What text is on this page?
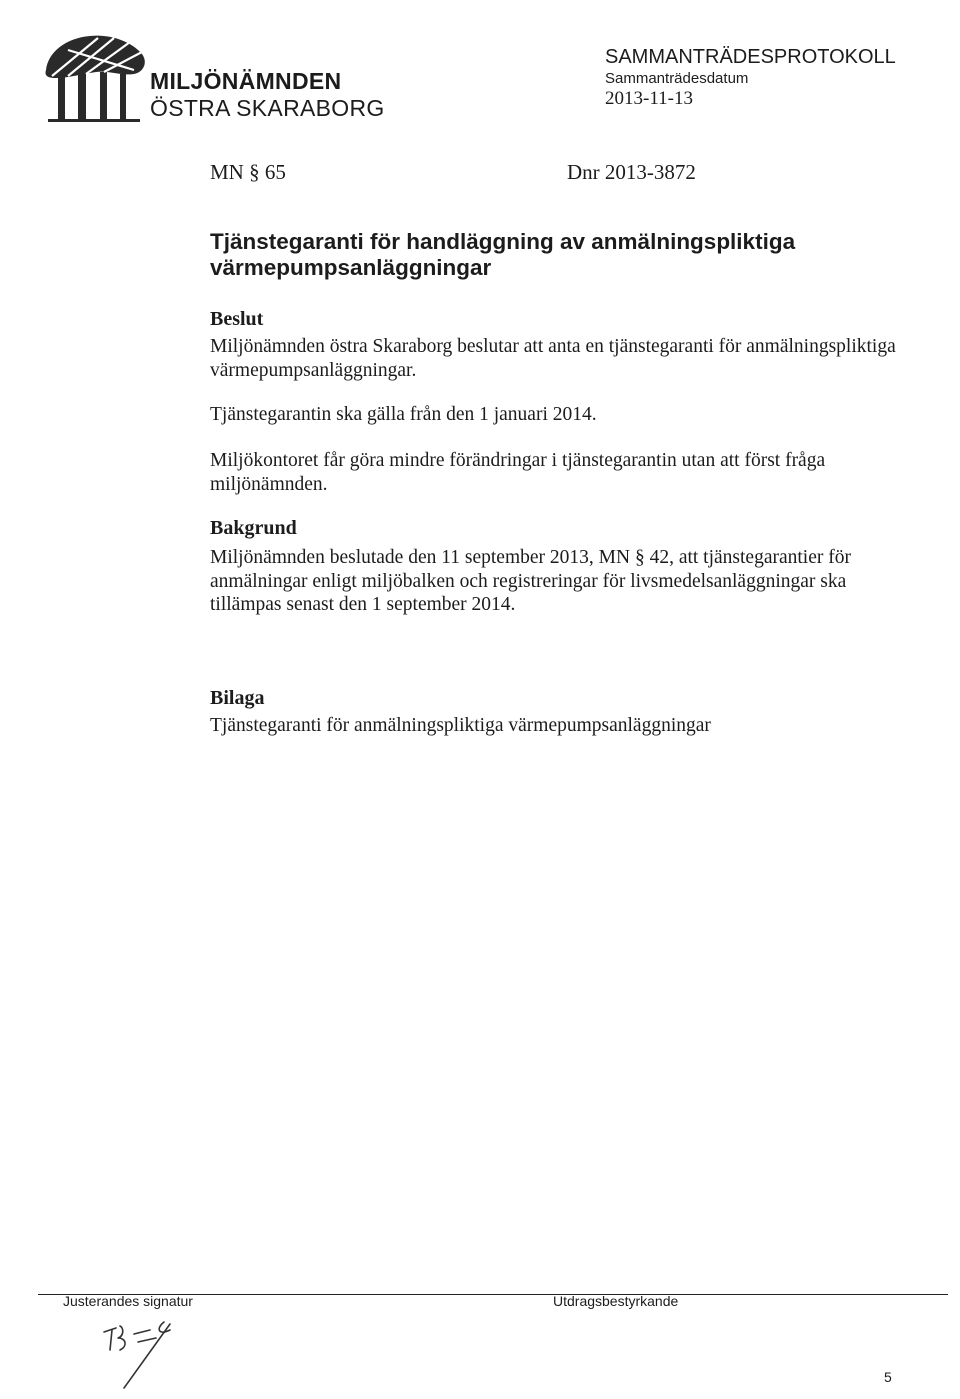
MILJÖNÄMNDEN
ÖSTRA SKARABORG
SAMMANTRÄDESPROTOKOLL
Sammanträdesdatum
2013-11-13
MN § 65	Dnr 2013-3872
Tjänstegaranti för handläggning av anmälningspliktiga värmepumpsanläggningar
Beslut
Miljönämnden östra Skaraborg beslutar att anta en tjänstegaranti för anmälningspliktiga värmepumpsanläggningar.
Tjänstegarantin ska gälla från den 1 januari 2014.
Miljökontoret får göra mindre förändringar i tjänstegarantin utan att först fråga miljönämnden.
Bakgrund
Miljönämnden beslutade den 11 september 2013, MN § 42, att tjänstegarantier för anmälningar enligt miljöbalken och registreringar för livsmedelsanläggningar ska tillämpas senast den 1 september 2014.
Bilaga
Tjänstegaranti för anmälningspliktiga värmepumpsanläggningar
Justerandes signatur	Utdragsbestyrkande
5
